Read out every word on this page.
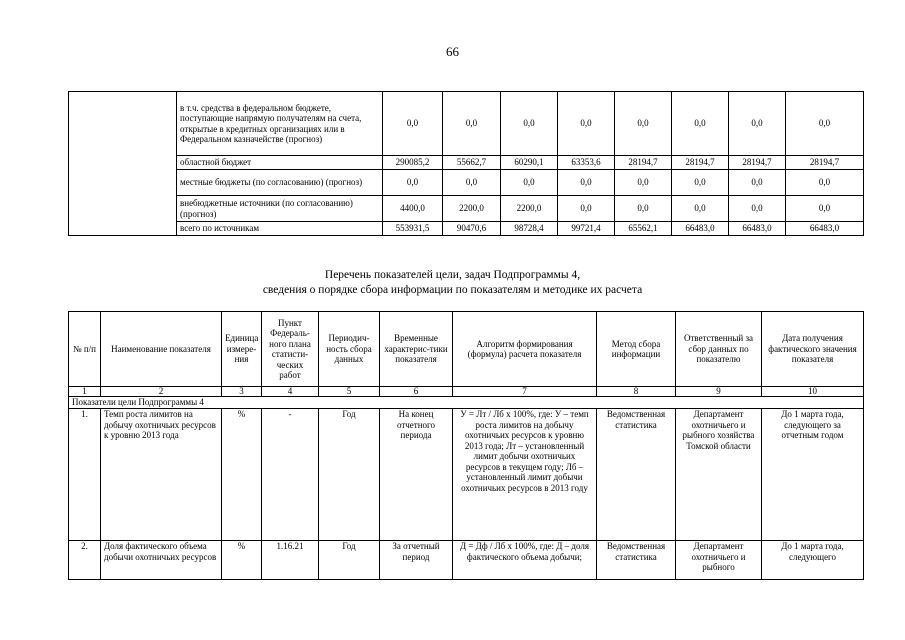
66
	в т.ч. средства в федеральном бюджете, поступающие напрямую получателям на счета, открытые в кредитных организациях или в Федеральном казначействе (прогноз)	0,0	0,0	0,0	0,0	0,0	0,0	0,0	0,0
	областной бюджет	290085,2	55662,7	60290,1	63353,6	28194,7	28194,7	28194,7	28194,7
	местные бюджеты (по согласованию) (прогноз)	0,0	0,0	0,0	0,0	0,0	0,0	0,0	0,0
	внебюджетные источники (по согласованию) (прогноз)	4400,0	2200,0	2200,0	0,0	0,0	0,0	0,0	0,0
	всего по источникам	553931,5	90470,6	98728,4	99721,4	65562,1	66483,0	66483,0	66483,0
Перечень показателей цели, задач Подпрограммы 4,
сведения о порядке сбора информации по показателям и методике их расчета
№ п/п	Наименование показателя	Единица измере-ния	Пункт Федераль-ного плана статисти-ческих работ	Периодич-ность сбора данных	Временные характерис-тики показателя	Алгоритм формирования (формула) расчета показателя	Метод сбора информации	Ответственный за сбор данных по показателю	Дата получения фактического значения показателя
1	2	3	4	5	6	7	8	9	10
Показатели цели Подпрограммы 4									
1.	Темп роста лимитов на добычу охотничьих ресурсов к уровню 2013 года	%	-	Год	На конец отчетного периода	У = Лт / Лб х 100%, где: У – темп роста лимитов на добычу охотничьих ресурсов к уровню 2013 года; Лт – установленный лимит добычи охотничьих ресурсов в текущем году; Лб – установленный лимит добычи охотничьих ресурсов в 2013 году	Ведомственная статистика	Департамент охотничьего и рыбного хозяйства Томской области	До 1 марта года, следующего за отчетным годом
2.	Доля фактического объема добычи охотничьих ресурсов	%	1.16.21	Год	За отчетный период	Д = Дф / Лб х 100%, где: Д – доля фактического объема добычи;	Ведомственная статистика	Департамент охотничьего и рыбного	До 1 марта года, следующего
